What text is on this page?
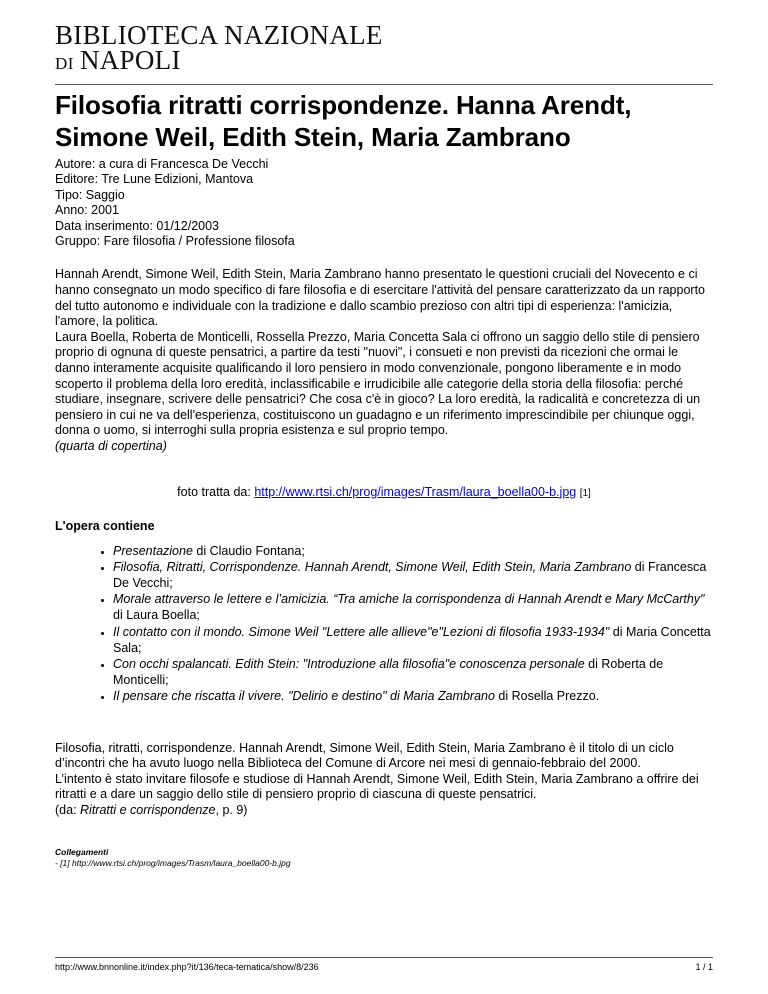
BIBLIOTECA NAZIONALE
DI NAPOLI
Filosofia ritratti corrispondenze. Hanna Arendt, Simone Weil, Edith Stein, Maria Zambrano
Autore: a cura di Francesca De Vecchi
Editore: Tre Lune Edizioni, Mantova
Tipo: Saggio
Anno: 2001
Data inserimento: 01/12/2003
Gruppo: Fare filosofia / Professione filosofa

Hannah Arendt, Simone Weil, Edith Stein, Maria Zambrano hanno presentato le questioni cruciali del Novecento e ci hanno consegnato un modo specifico di fare filosofia e di esercitare l'attività del pensare caratterizzato da un rapporto del tutto autonomo e individuale con la tradizione e dallo scambio prezioso con altri tipi di esperienza: l'amicizia, l'amore, la politica.

Laura Boella, Roberta de Monticelli, Rossella Prezzo, Maria Concetta Sala ci offrono un saggio dello stile di pensiero proprio di ognuna di queste pensatrici, a partire da testi "nuovi", i consueti e non previsti da ricezioni che ormai le danno interamente acquisite qualificando il loro pensiero in modo convenzionale, pongono liberamente e in modo scoperto il problema della loro eredità, inclassificabile e irrudicibile alle categorie della storia della filosofia: perché studiare, insegnare, scrivere delle pensatrici? Che cosa c'è in gioco? La loro eredità, la radicalità e concretezza di un pensiero in cui ne va dell'esperienza, costituiscono un guadagno e un riferimento imprescindibile per chiunque oggi, donna o uomo, si interroghi sulla propria esistenza e sul proprio tempo.

(quarta di copertina)

foto tratta da: http://www.rtsi.ch/prog/images/Trasm/laura_boella00-b.jpg [1]
L'opera contiene
• Presentazione di Claudio Fontana;
• Filosofia, Ritratti, Corrispondenze. Hannah Arendt, Simone Weil, Edith Stein, Maria Zambrano di Francesca De Vecchi;
• Morale attraverso le lettere e l’amicizia. “Tra amiche la corrispondenza di Hannah Arendt e Mary McCarthy" di Laura Boella;
• Il contatto con il mondo. Simone Weil "Lettere alle allieve"e"Lezioni di filosofia 1933-1934" di Maria Concetta Sala;
• Con occhi spalancati. Edith Stein: "Introduzione alla filosofia"e conoscenza personale di Roberta de Monticelli;
• Il pensare che riscatta il vivere. "Delirio e destino" di Maria Zambrano di Rosella Prezzo.
Filosofia, ritratti, corrispondenze. Hannah Arendt, Simone Weil, Edith Stein, Maria Zambrano è il titolo di un ciclo d’incontri che ha avuto luogo nella Biblioteca del Comune di Arcore nei mesi di gennaio-febbraio del 2000.
L’intento è stato invitare filosofe e studiose di Hannah Arendt, Simone Weil, Edith Stein, Maria Zambrano a offrire dei ritratti e a dare un saggio dello stile di pensiero proprio di ciascuna di queste pensatrici.
(da: Ritratti e corrispondenze, p. 9)
Collegamenti
- [1] http://www.rtsi.ch/prog/images/Trasm/laura_boella00-b.jpg
http://www.bnnonline.it/index.php?it/136/teca-tematica/show/8/236	1 / 1
